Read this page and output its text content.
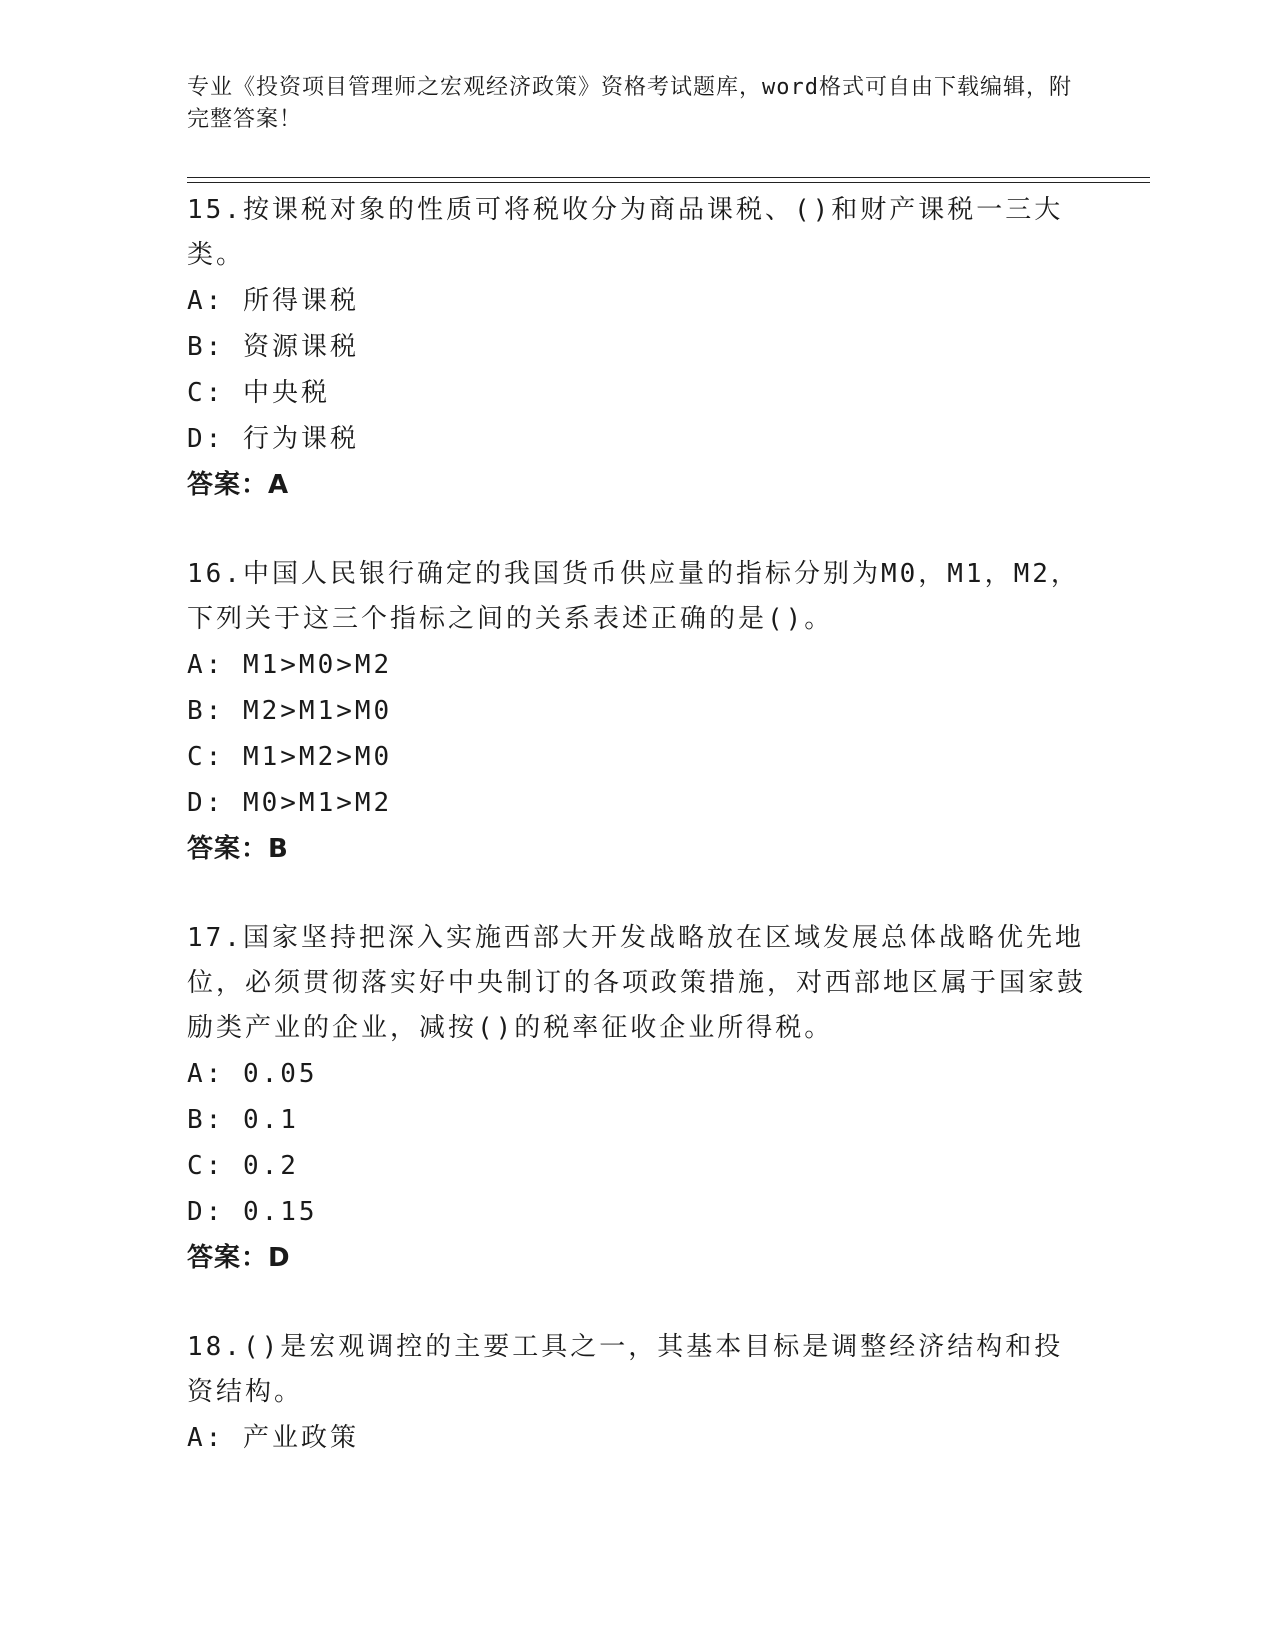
专业《投资项目管理师之宏观经济政策》资格考试题库，word格式可自由下载编辑，附完整答案！
15.按课税对象的性质可将税收分为商品课税、()和财产课税一三大类。
A: 所得课税
B: 资源课税
C: 中央税
D: 行为课税
答案：A
16.中国人民银行确定的我国货币供应量的指标分别为M0，M1，M2，下列关于这三个指标之间的关系表述正确的是()。
A: M1>M0>M2
B: M2>M1>M0
C: M1>M2>M0
D: M0>M1>M2
答案：B
17.国家坚持把深入实施西部大开发战略放在区域发展总体战略优先地位，必须贯彻落实好中央制订的各项政策措施，对西部地区属于国家鼓励类产业的企业，减按()的税率征收企业所得税。
A: 0.05
B: 0.1
C: 0.2
D: 0.15
答案：D
18.()是宏观调控的主要工具之一，其基本目标是调整经济结构和投资结构。
A: 产业政策
